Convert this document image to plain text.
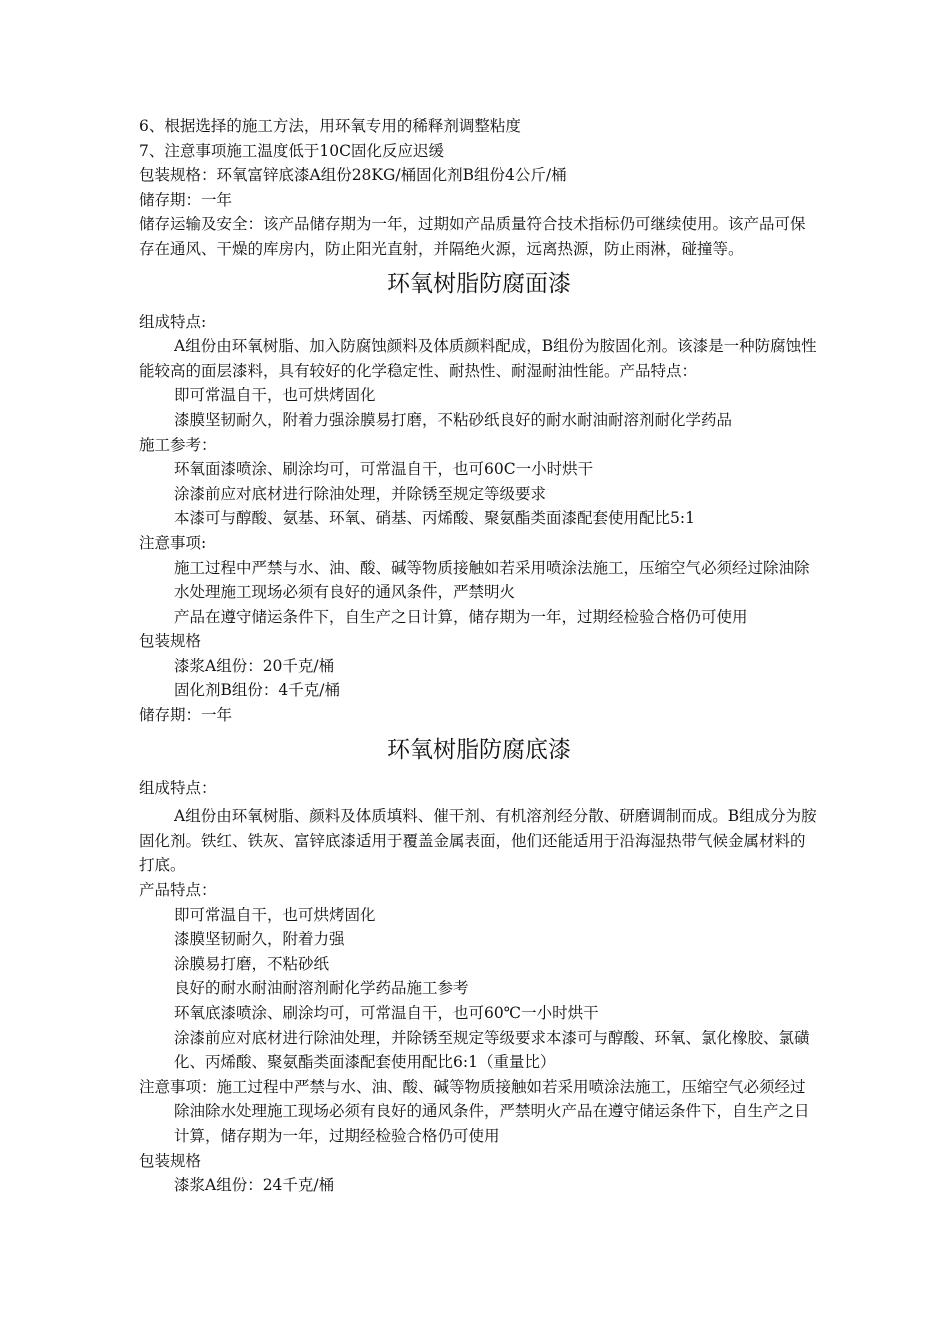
6、根据选择的施工方法，用环氧专用的稀释剂调整粘度
7、注意事项施工温度低于10C固化反应迟缓
包装规格：环氧富锌底漆A组份28KG/桶固化剂B组份4公斤/桶
储存期：一年
储存运输及安全：该产品储存期为一年，过期如产品质量符合技术指标仍可继续使用。该产品可保存在通风、干燥的库房内，防止阳光直射，并隔绝火源，远离热源，防止雨淋，碰撞等。
环氧树脂防腐面漆
组成特点:
A组份由环氧树脂、加入防腐蚀颜料及体质颜料配成，B组份为胺固化剂。该漆是一种防腐蚀性能较高的面层漆料，具有较好的化学稳定性、耐热性、耐湿耐油性能。产品特点：
即可常温自干，也可烘烤固化
漆膜坚韧耐久，附着力强涂膜易打磨，不粘砂纸良好的耐水耐油耐溶剂耐化学药品
施工参考：
环氧面漆喷涂、刷涂均可，可常温自干，也可60C一小时烘干
涂漆前应对底材进行除油处理，并除锈至规定等级要求
本漆可与醇酸、氨基、环氧、硝基、丙烯酸、聚氨酯类面漆配套使用配比5:1
注意事项:
施工过程中严禁与水、油、酸、碱等物质接触如若采用喷涂法施工，压缩空气必须经过除油除水处理施工现场必须有良好的通风条件，严禁明火
产品在遵守储运条件下，自生产之日计算，储存期为一年，过期经检验合格仍可使用
包装规格
漆浆A组份：20千克/桶
固化剂B组份：4千克/桶
储存期：一年
环氧树脂防腐底漆
组成特点：
A组份由环氧树脂、颜料及体质填料、催干剂、有机溶剂经分散、研磨调制而成。B组成分为胺固化剂。铁红、铁灰、富锌底漆适用于覆盖金属表面，他们还能适用于沿海湿热带气候金属材料的打底。
产品特点：
即可常温自干，也可烘烤固化
漆膜坚韧耐久，附着力强
涂膜易打磨，不粘砂纸
良好的耐水耐油耐溶剂耐化学药品施工参考
环氧底漆喷涂、刷涂均可，可常温自干，也可60℃一小时烘干
涂漆前应对底材进行除油处理，并除锈至规定等级要求本漆可与醇酸、环氧、氯化橡胶、氯磺化、丙烯酸、聚氨酯类面漆配套使用配比6:1（重量比）
注意事项：施工过程中严禁与水、油、酸、碱等物质接触如若采用喷涂法施工，压缩空气必须经过除油除水处理施工现场必须有良好的通风条件，严禁明火产品在遵守储运条件下，自生产之日计算，储存期为一年，过期经检验合格仍可使用
包装规格
漆浆A组份：24千克/桶
